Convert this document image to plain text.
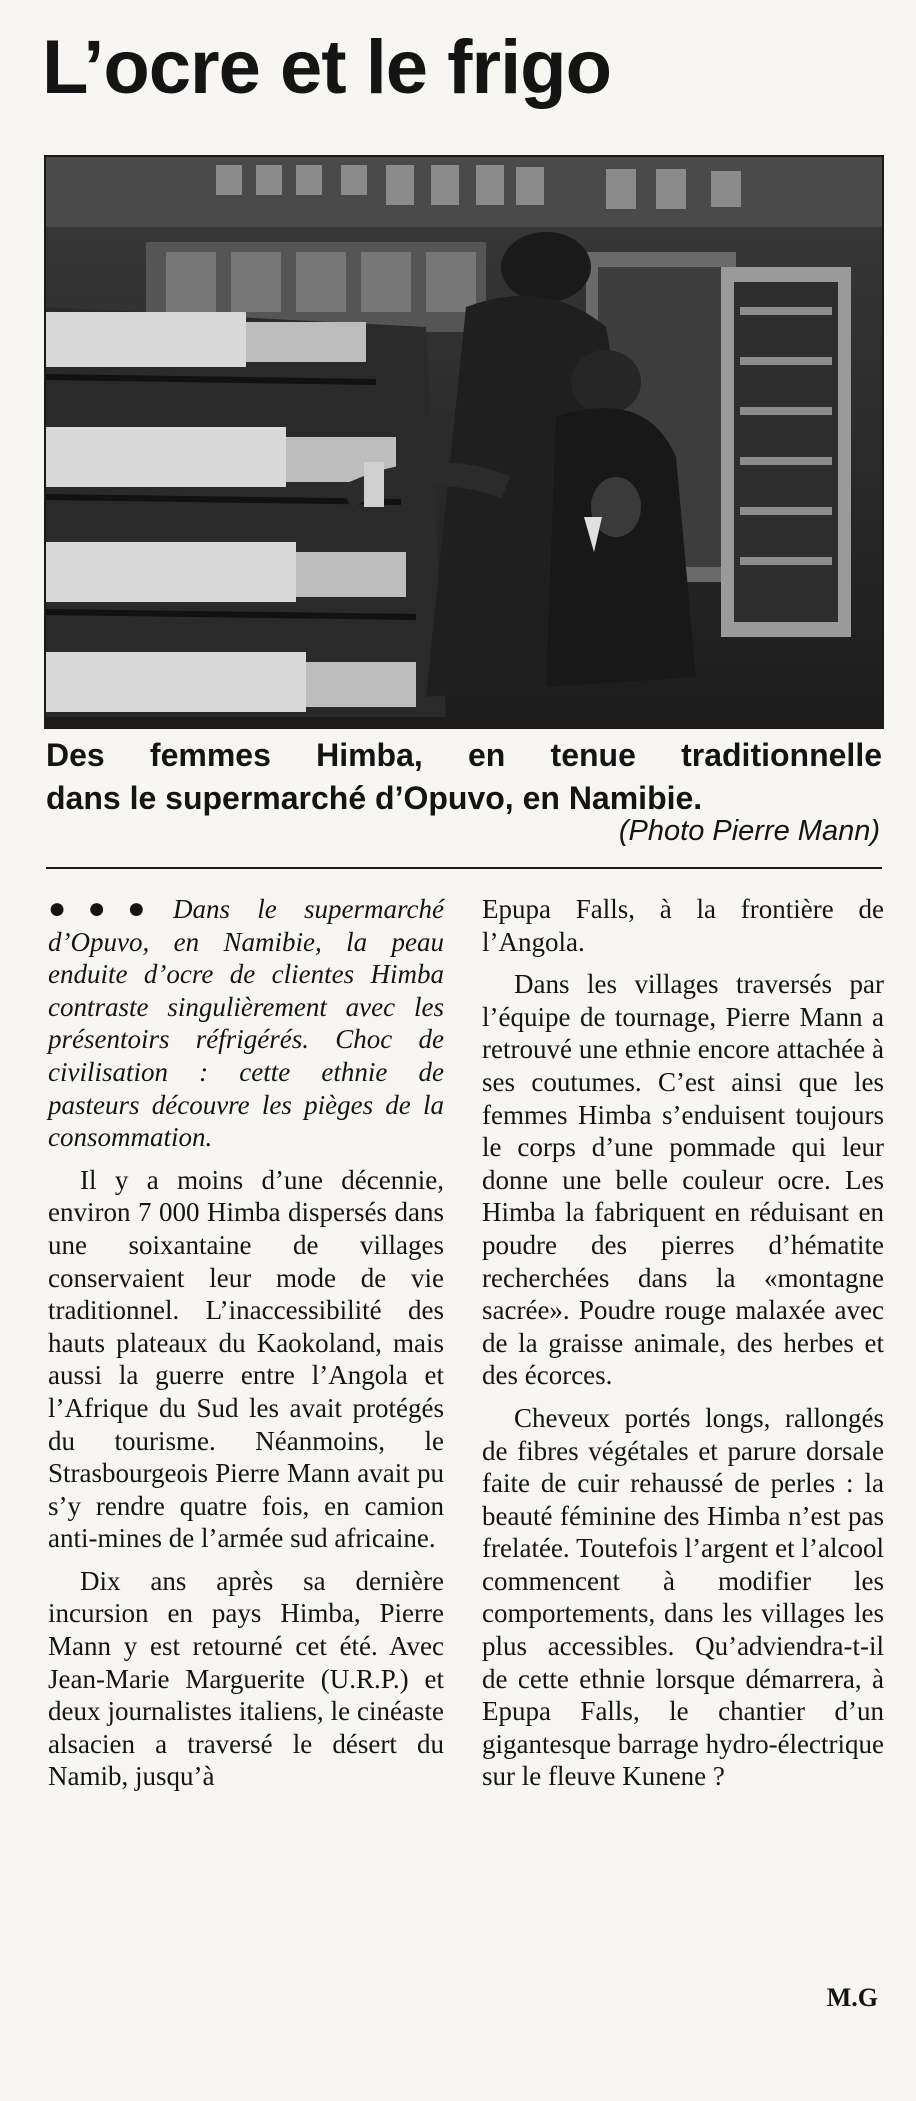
L’ocre et le frigo
Des femmes Himba, en tenue traditionnelle
dans le supermarché d’Opuvo, en Namibie.
(Photo Pierre Mann)

●●● Dans le supermarché d’Opuvo, en Namibie, la peau enduite d’ocre de clientes Himba contraste singulièrement avec les présentoirs réfrigérés. Choc de civilisation : cette ethnie de pasteurs découvre les pièges de la consommation.

Il y a moins d’une décennie, environ 7 000 Himba dispersés dans une soixantaine de villages conservaient leur mode de vie traditionnel. L’inaccessibilité des hauts plateaux du Kaokoland, mais aussi la guerre entre l’Angola et l’Afrique du Sud les avait protégés du tourisme. Néanmoins, le Strasbourgeois Pierre Mann avait pu s’y rendre quatre fois, en camion anti-mines de l’armée sud africaine.

Dix ans après sa dernière incursion en pays Himba, Pierre Mann y est retourné cet été. Avec Jean-Marie Marguerite (U.R.P.) et deux journalistes italiens, le cinéaste alsacien a traversé le désert du Namib, jusqu’à

Epupa Falls, à la frontière de l’Angola.

Dans les villages traversés par l’équipe de tournage, Pierre Mann a retrouvé une ethnie encore attachée à ses coutumes. C’est ainsi que les femmes Himba s’enduisent toujours le corps d’une pommade qui leur donne une belle couleur ocre. Les Himba la fabriquent en réduisant en poudre des pierres d’hématite recherchées dans la «montagne sacrée». Poudre rouge malaxée avec de la graisse animale, des herbes et des écorces.

Cheveux portés longs, rallongés de fibres végétales et parure dorsale faite de cuir rehaussé de perles : la beauté féminine des Himba n’est pas frelatée. Toutefois l’argent et l’alcool commencent à modifier les comportements, dans les villages les plus accessibles. Qu’adviendra-t-il de cette ethnie lorsque démarrera, à Epupa Falls, le chantier d’un gigantesque barrage hydro-électrique sur le fleuve Kunene ?

M.G
